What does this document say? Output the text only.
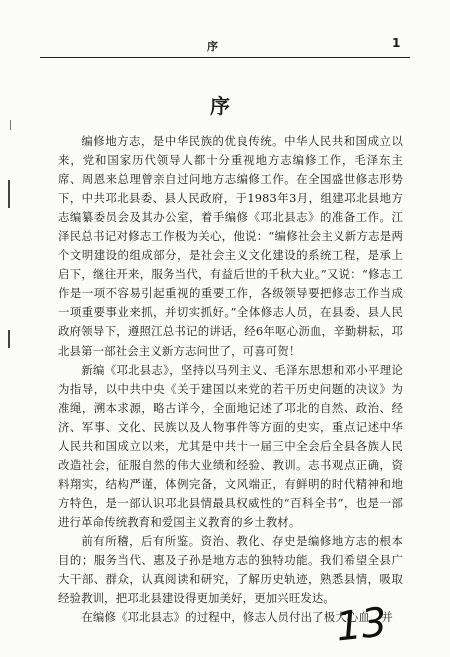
序	1
序

编修地方志，是中华民族的优良传统。中华人民共和国成立以来，党和国家历代领导人都十分重视地方志编修工作，毛泽东主席、周恩来总理曾亲自过问地方志编修工作。在全国盛世修志形势下，中共邛北县委、县人民政府，于1983年3月，组建邛北县地方志编纂委员会及其办公室，着手编修《邛北县志》的准备工作。江泽民总书记对修志工作极为关心，他说：“编修社会主义新方志是两个文明建设的组成部分，是社会主义文化建设的系统工程，是承上启下，继往开来，服务当代，有益后世的千秋大业。”又说：“修志工作是一项不容易引起重视的重要工作，各级领导要把修志工作当成一项重要事业来抓，并切实抓好。”全体修志人员，在县委、县人民政府领导下，遵照江总书记的讲话，经6年呕心沥血，辛勤耕耘，邛北县第一部社会主义新方志问世了，可喜可贺！

新编《邛北县志》，坚持以马列主义、毛泽东思想和邓小平理论为指导，以中共中央《关于建国以来党的若干历史问题的决议》为准绳，溯本求源，略古详今，全面地记述了邛北的自然、政治、经济、军事、文化、民族以及人物事件等方面的史实，重点记述中华人民共和国成立以来，尤其是中共十一届三中全会后全县各族人民改造社会，征服自然的伟大业绩和经验、教训。志书观点正确，资料翔实，结构严谨，体例完备，文风端正，有鲜明的时代精神和地方特色，是一部认识邛北县情最具权威性的“百科全书”，也是一部进行革命传统教育和爱国主义教育的乡土教材。

前有所稽，后有所鉴。资治、教化、存史是编修地方志的根本目的；服务当代、惠及子孙是地方志的独特功能。我们希望全县广大干部、群众，认真阅读和研究，了解历史轨迹，熟悉县情，吸取经验教训，把邛北县建设得更加美好，更加兴旺发达。

在编修《邛北县志》的过程中，修志人员付出了极大心血，并

13
